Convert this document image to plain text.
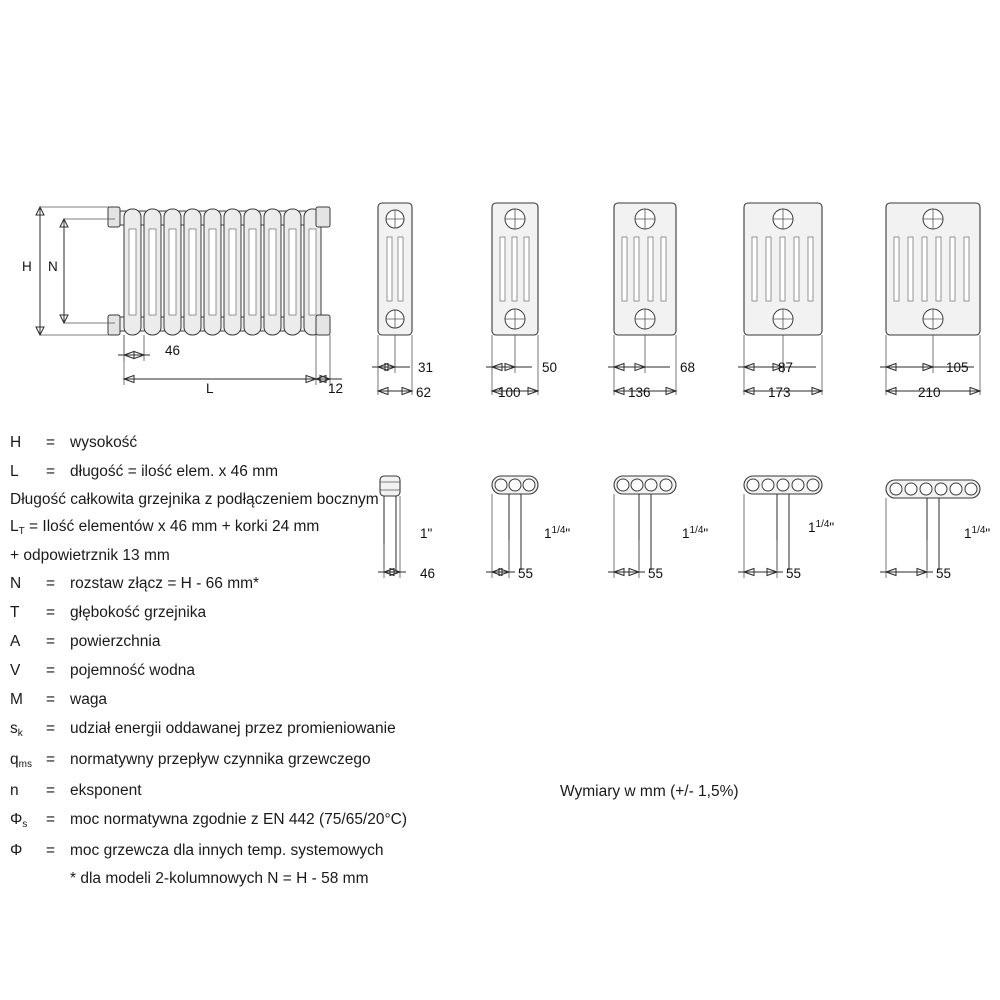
H N
46
L	12
31
62
50
100
68
136
87
173
105
210
1"
46
$1^{1/4}$"
55
$1^{1/4}$"
55
$1^{1/4}$"
55
$1^{1/4}$"
55
H	= wysokość
L	= długość = ilość elem. x 46 mm
Długość całkowita grzejnika z podłączeniem bocznym
$L_T$ = Ilość elementów x 46 mm + korki 24 mm
+ odpowietrznik 13 mm
N	= rozstaw złącz = H - 66 mm*
T	= głębokość grzejnika
A	= powierzchnia
V	= pojemność wodna
M	= waga
$s_k$	= udział energii oddawanej przez promieniowanie
$q_{ms}$ = normatywny przepływ czynnika grzewczego
n	= eksponent
$\Phi_s$	= moc normatywna zgodnie z EN 442 (75/65/20°C)
Φ	= moc grzewcza dla innych temp. systemowych
* dla modeli 2-kolumnowych N = H - 58 mm
Wymiary w mm (+/- 1,5%)
